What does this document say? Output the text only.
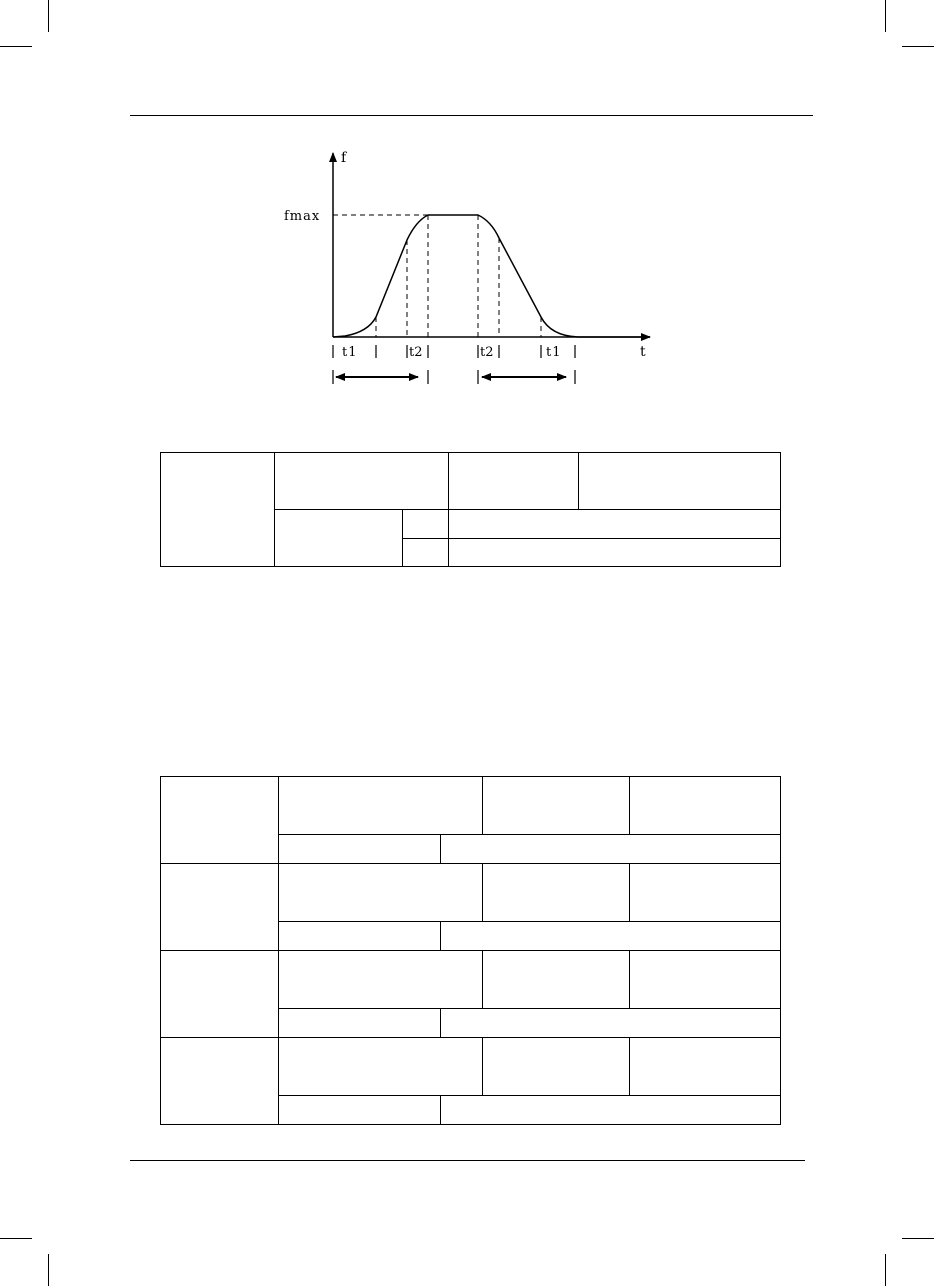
f
t
fmax
t1	t2	t2	t1
